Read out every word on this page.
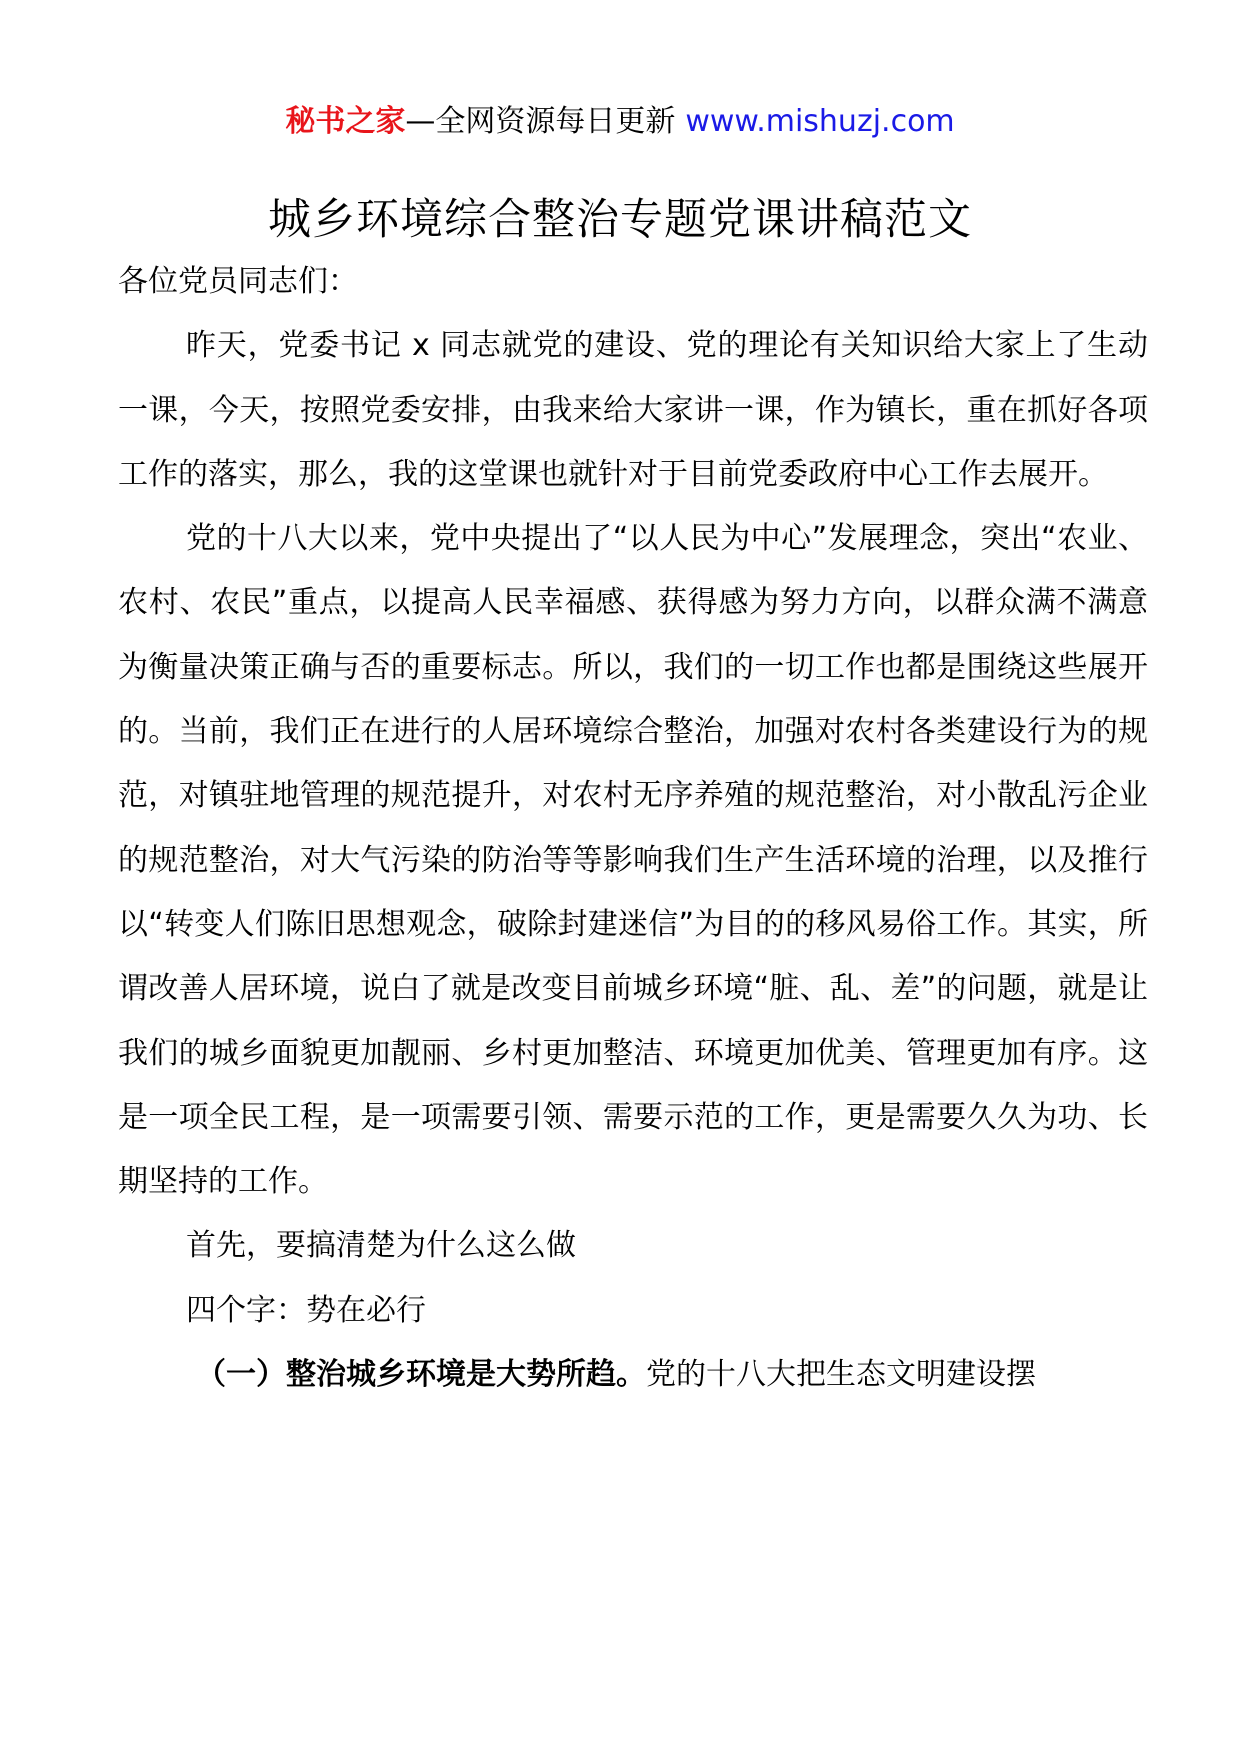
秘书之家—全网资源每日更新 www.mishuzj.com
城乡环境综合整治专题党课讲稿范文

各位党员同志们：

昨天，党委书记 x 同志就党的建设、党的理论有关知识给大家上了生动一课，今天，按照党委安排，由我来给大家讲一课，作为镇长，重在抓好各项工作的落实，那么，我的这堂课也就针对于目前党委政府中心工作去展开。

党的十八大以来，党中央提出了“以人民为中心”发展理念，突出“农业、农村、农民”重点，以提高人民幸福感、获得感为努力方向，以群众满不满意为衡量决策正确与否的重要标志。所以，我们的一切工作也都是围绕这些展开的。当前，我们正在进行的人居环境综合整治，加强对农村各类建设行为的规范，对镇驻地管理的规范提升，对农村无序养殖的规范整治，对小散乱污企业的规范整治，对大气污染的防治等等影响我们生产生活环境的治理，以及推行以“转变人们陈旧思想观念，破除封建迷信”为目的的移风易俗工作。其实，所谓改善人居环境，说白了就是改变目前城乡环境“脏、乱、差”的问题，就是让我们的城乡面貌更加靓丽、乡村更加整洁、环境更加优美、管理更加有序。这是一项全民工程，是一项需要引领、需要示范的工作，更是需要久久为功、长期坚持的工作。

首先，要搞清楚为什么这么做

四个字：势在必行

（一）整治城乡环境是大势所趋。党的十八大把生态文明建设摆
